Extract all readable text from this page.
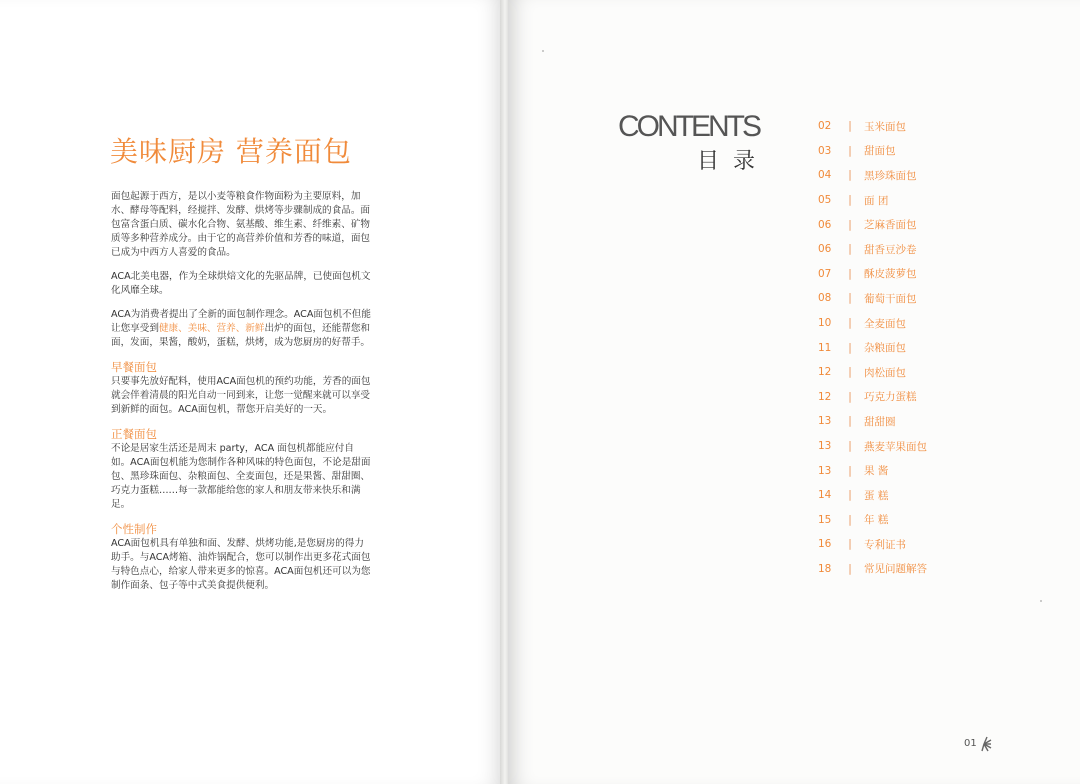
美味厨房 营养面包

面包起源于西方，是以小麦等粮食作物面粉为主要原料，加水、酵母等配料，经搅拌、发酵、烘烤等步骤制成的食品。面包富含蛋白质、碳水化合物、氨基酸、维生素、纤维素、矿物质等多种营养成分。由于它的高营养价值和芳香的味道，面包已成为中西方人喜爱的食品。

ACA北美电器，作为全球烘焙文化的先驱品牌，已使面包机文化风靡全球。

ACA为消费者提出了全新的面包制作理念。ACA面包机不但能让您享受到健康、美味、营养、新鲜出炉的面包，还能帮您和面，发面，果酱，酸奶，蛋糕，烘烤，成为您厨房的好帮手。

早餐面包

只要事先放好配料，使用ACA面包机的预约功能，芳香的面包就会伴着清晨的阳光自动一同到来，让您一觉醒来就可以享受到新鲜的面包。ACA面包机，帮您开启美好的一天。

正餐面包

不论是居家生活还是周末 party，ACA 面包机都能应付自如。ACA面包机能为您制作各种风味的特色面包，不论是甜面包、黑珍珠面包、杂粮面包、全麦面包，还是果酱、甜甜圈、巧克力蛋糕……每一款都能给您的家人和朋友带来快乐和满足。

个性制作

ACA面包机具有单独和面、发酵、烘烤功能,是您厨房的得力助手。与ACA烤箱、油炸锅配合，您可以制作出更多花式面包与特色点心，给家人带来更多的惊喜。ACA面包机还可以为您制作面条、包子等中式美食提供便利。

CONTENTS
目录
02	|	玉米面包
03	|	甜面包
04	|	黑珍珠面包
05	|	面 团
06	|	芝麻香面包
06	|	甜香豆沙卷
07	|	酥皮菠萝包
08	|	葡萄干面包
10	|	全麦面包
11	|	杂粮面包
12	|	肉松面包
12	|	巧克力蛋糕
13	|	甜甜圈
13	|	燕麦苹果面包
13	|	果 酱
14	|	蛋 糕
15	|	年 糕
16	|	专利证书
18	|	常见问题解答
01
